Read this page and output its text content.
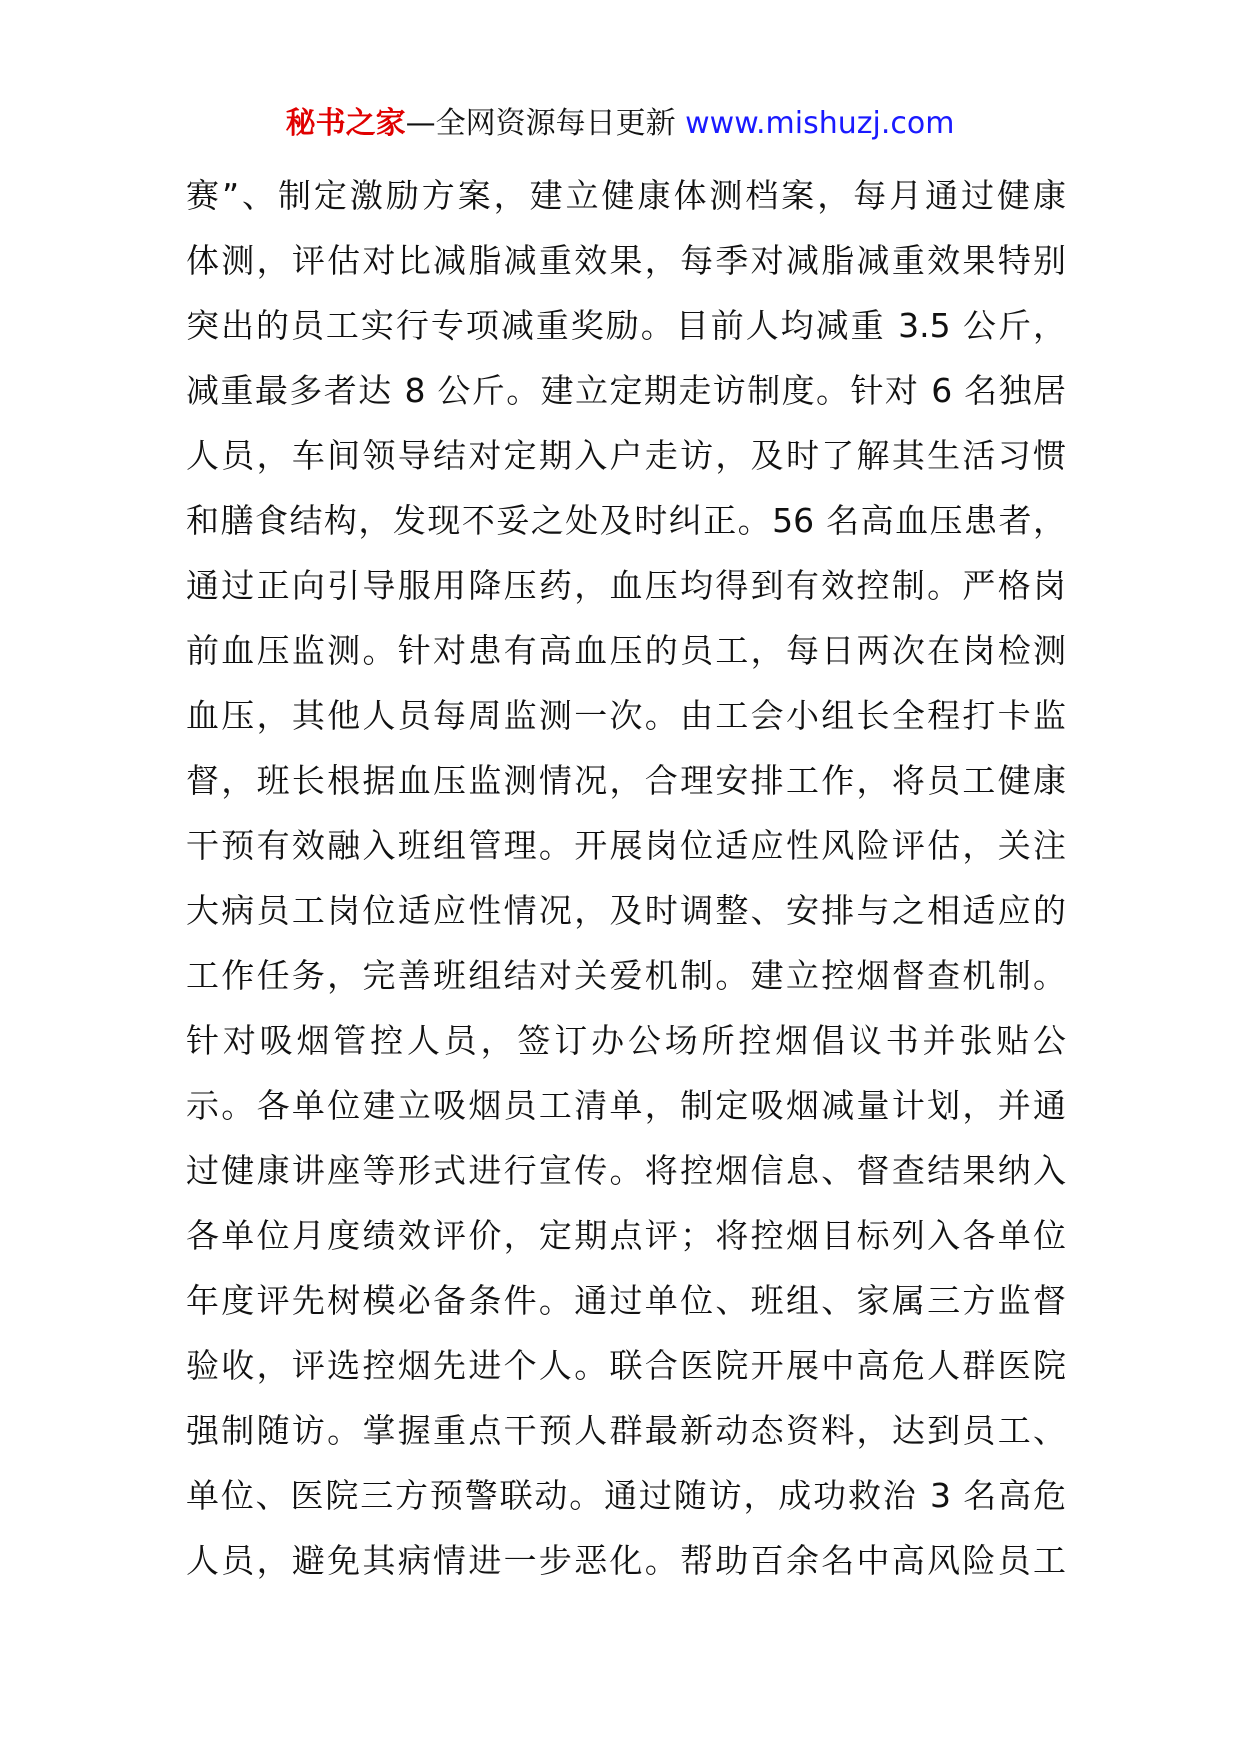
秘书之家—全网资源每日更新 www.mishuzj.com
赛”、制定激励方案，建立健康体测档案，每月通过健康
体测，评估对比减脂减重效果，每季对减脂减重效果特别
突出的员工实行专项减重奖励。目前人均减重 3.5 公斤，
减重最多者达 8 公斤。建立定期走访制度。针对 6 名独居
人员，车间领导结对定期入户走访，及时了解其生活习惯
和膳食结构，发现不妥之处及时纠正。56 名高血压患者，
通过正向引导服用降压药，血压均得到有效控制。严格岗
前血压监测。针对患有高血压的员工，每日两次在岗检测
血压，其他人员每周监测一次。由工会小组长全程打卡监
督，班长根据血压监测情况，合理安排工作，将员工健康
干预有效融入班组管理。开展岗位适应性风险评估，关注
大病员工岗位适应性情况，及时调整、安排与之相适应的
工作任务，完善班组结对关爱机制。建立控烟督查机制。
针对吸烟管控人员，签订办公场所控烟倡议书并张贴公
示。各单位建立吸烟员工清单，制定吸烟减量计划，并通
过健康讲座等形式进行宣传。将控烟信息、督查结果纳入
各单位月度绩效评价，定期点评；将控烟目标列入各单位
年度评先树模必备条件。通过单位、班组、家属三方监督
验收，评选控烟先进个人。联合医院开展中高危人群医院
强制随访。掌握重点干预人群最新动态资料，达到员工、
单位、医院三方预警联动。通过随访，成功救治 3 名高危
人员，避免其病情进一步恶化。帮助百余名中高风险员工
